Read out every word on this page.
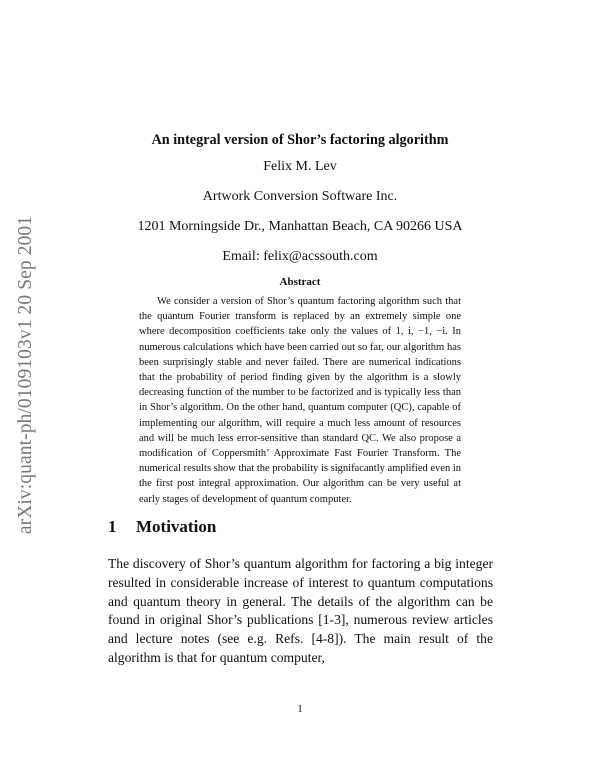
arXiv:quant-ph/0109103v1 20 Sep 2001

An integral version of Shor’s factoring algorithm

Felix M. Lev

Artwork Conversion Software Inc.

1201 Morningside Dr., Manhattan Beach, CA 90266 USA

Email: felix@acssouth.com

Abstract

We consider a version of Shor’s quantum factoring algorithm such that the quantum Fourier transform is replaced by an extremely simple one where decomposition coefficients take only the values of 1, i, −1, −i. In numerous calculations which have been carried out so far, our algorithm has been surprisingly stable and never failed. There are numerical indications that the probability of period finding given by the algorithm is a slowly decreasing function of the number to be factorized and is typically less than in Shor’s algorithm. On the other hand, quantum computer (QC), capable of implementing our algorithm, will require a much less amount of resources and will be much less error-sensitive than standard QC. We also propose a modification of Coppersmith’ Approximate Fast Fourier Transform. The numerical results show that the probability is signifacantly amplified even in the first post integral approximation. Our algorithm can be very useful at early stages of development of quantum computer.

1 Motivation

The discovery of Shor’s quantum algorithm for factoring a big integer resulted in considerable increase of interest to quantum computations and quantum theory in general. The details of the algorithm can be found in original Shor’s publications [1-3], numerous review articles and lecture notes (see e.g. Refs. [4-8]). The main result of the algorithm is that for quantum computer,

1
